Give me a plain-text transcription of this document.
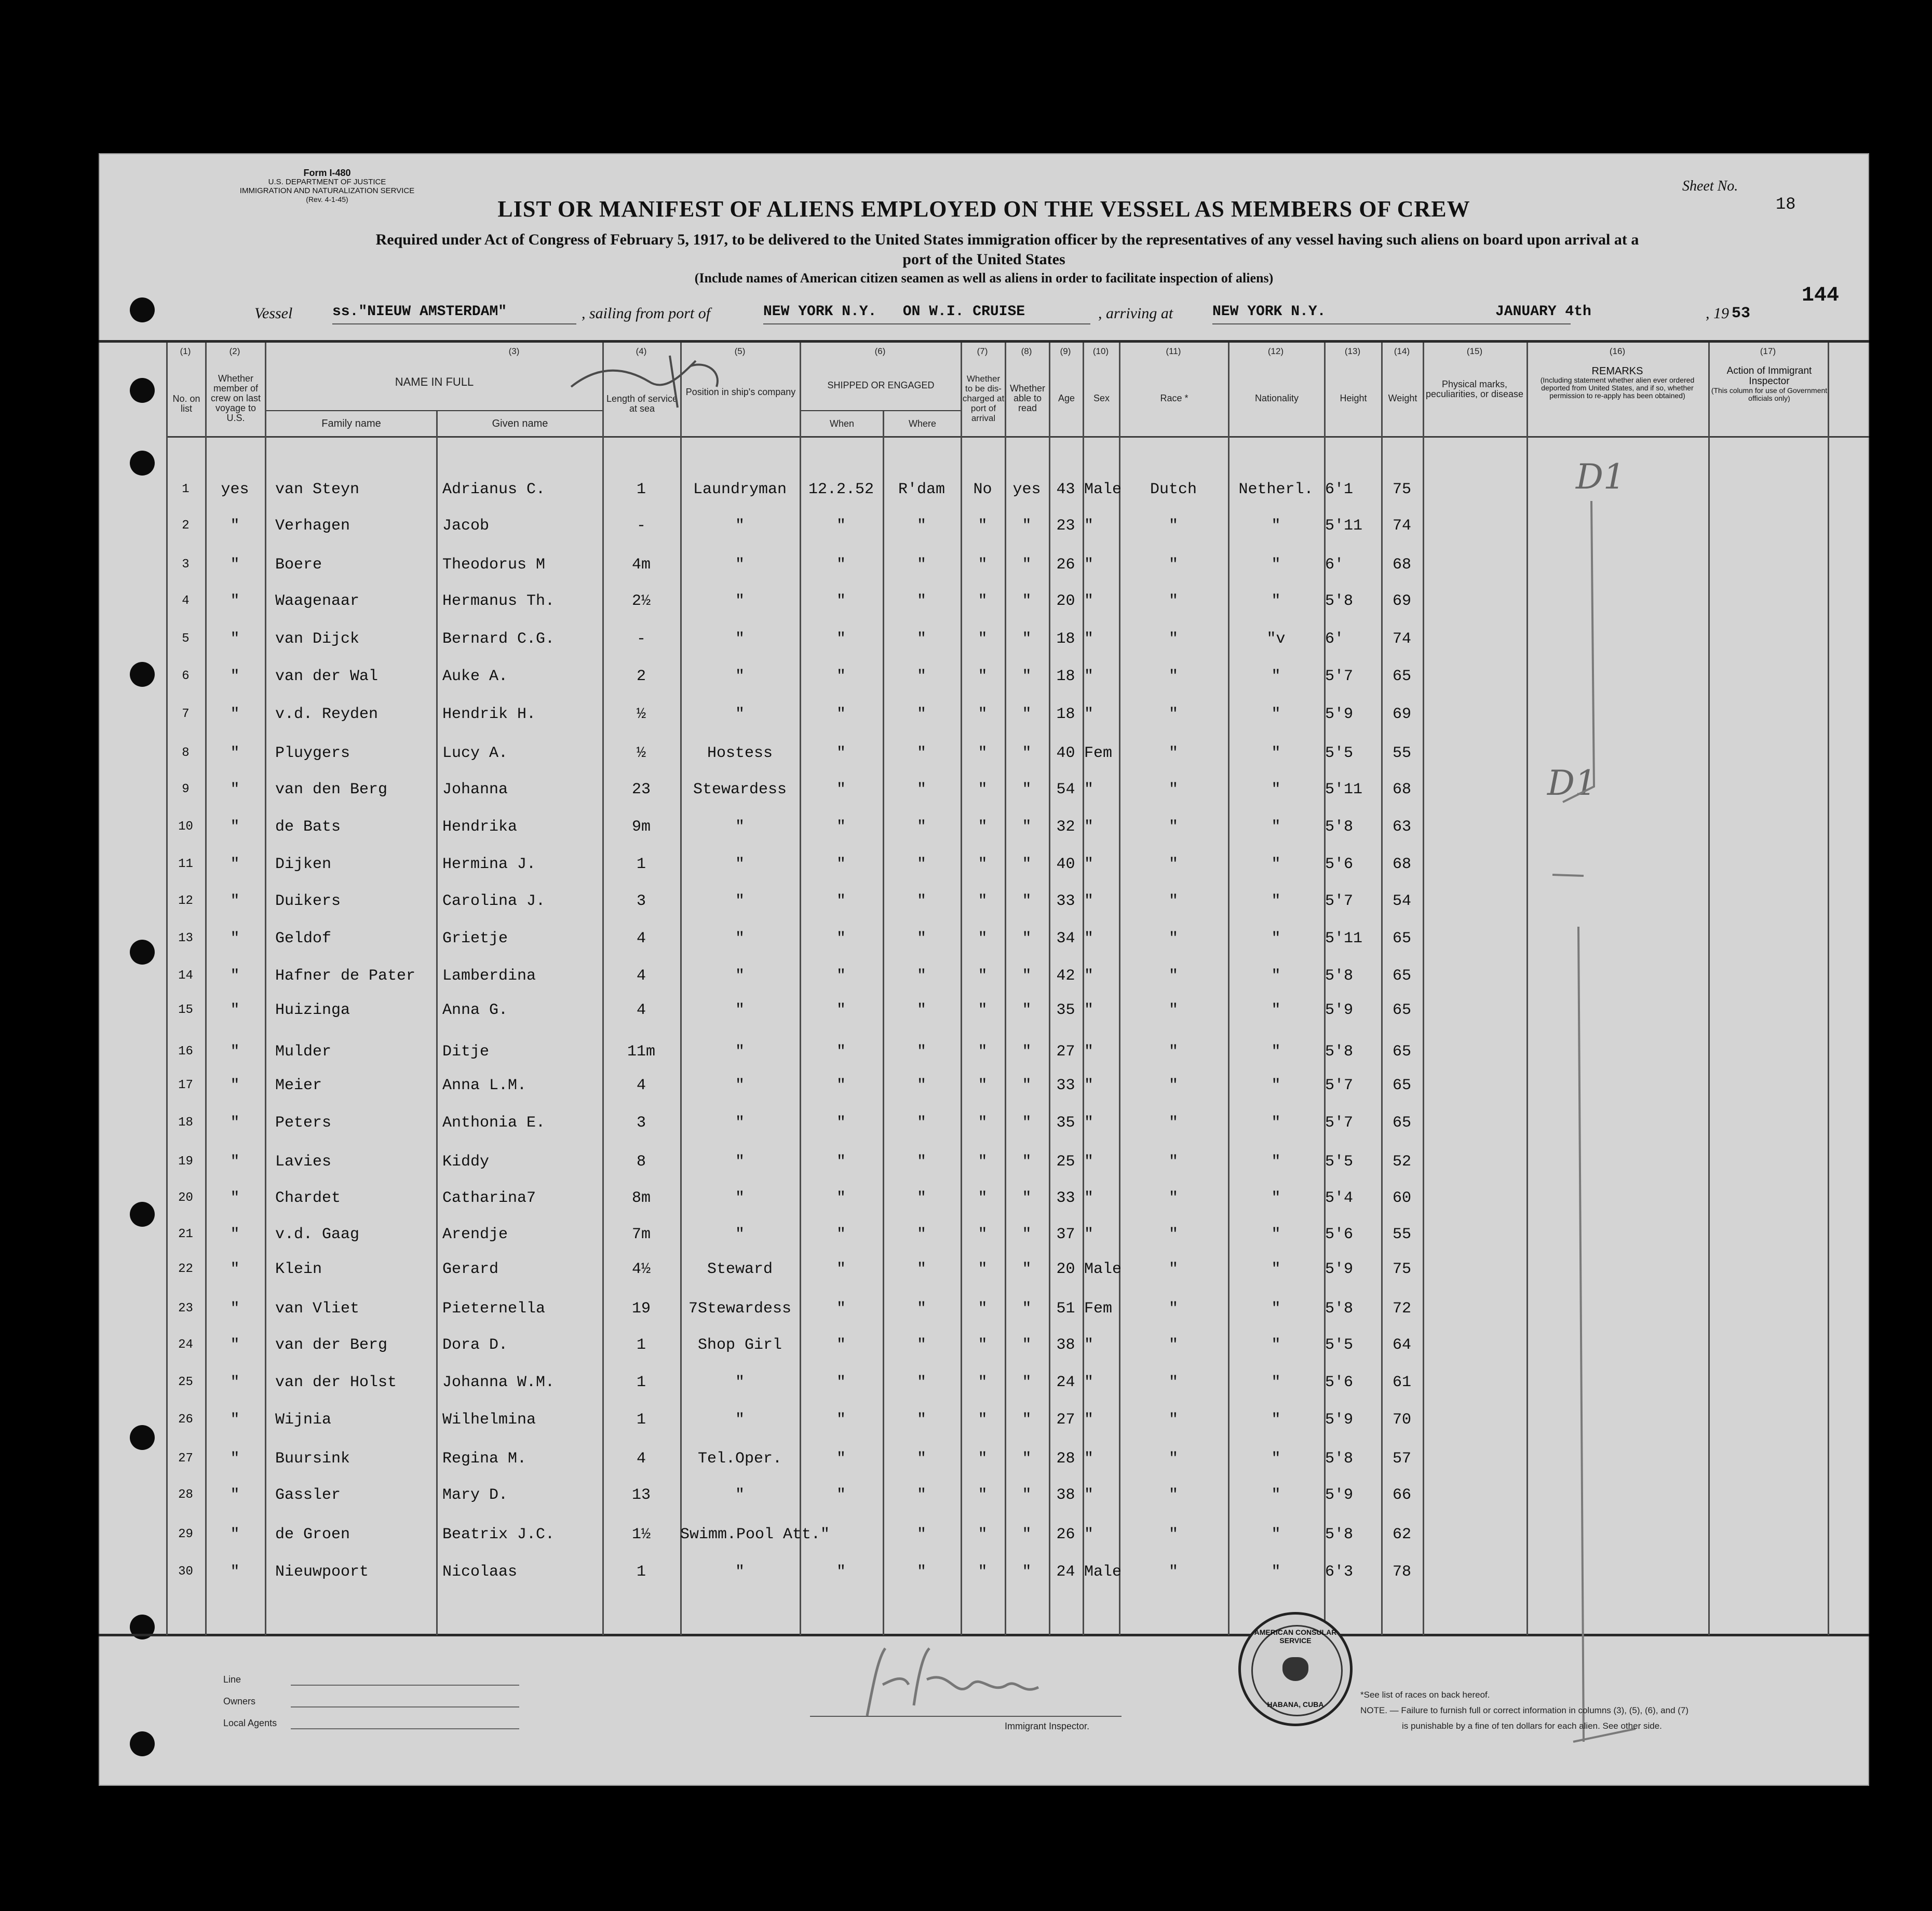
Form I-480
U.S. DEPARTMENT OF JUSTICE
IMMIGRATION AND NATURALIZATION SERVICE
(Rev. 4-1-45)
Sheet No.
18
144
LIST OR MANIFEST OF ALIENS EMPLOYED ON THE VESSEL AS MEMBERS OF CREW
Required under Act of Congress of February 5, 1917, to be delivered to the United States immigration officer by the representatives of any vessel having such aliens on board upon arrival at a
port of the United States
(Include names of American citizen seamen as well as aliens in order to facilitate inspection of aliens)
Vessel	ss."NIEUW AMSTERDAM"	, sailing from port of	NEW YORK N.Y.   ON W.I. CRUISE	, arriving at	NEW YORK N.Y.	JANUARY 4th	, 19 53
(1)	(2)	(3)	(4)	(5)	(6)	(7)	(8)	(9)	(10)	(11)	(12)	(13)	(14)	(15)	(16)	(17)
No. on list
Whether member of crew on last voyage to U.S.
NAME IN FULL
Family name	Given name
Length of service at sea
Position in ship's company
SHIPPED OR ENGAGED
When	Where
Whether to be dis-charged at port of arrival
Whether able to read
Age	Sex	Race *	Nationality	Height	Weight
Physical marks, peculiarities, or disease
REMARKS
(Including statement whether alien ever ordered deported from United States, and if so, whether permission to re-apply has been obtained)
Action of Immigrant Inspector
(This column for use of Government officials only)
1	yes	van Steyn	Adrianus C.	1	Laundryman	12.2.52	R'dam	No	yes 43 Male	Dutch	Netherl. 6'1	75
2	"	Verhagen	Jacob	-	"	"	"	"	"	23 "	"	"	5'11	74
3	"	Boere	Theodorus M	4m	"	"	"	"	"	26 "	"	"	6'	68
4	"	Waagenaar	Hermanus Th.	2½	"	"	"	"	"	20 "	"	"	5'8	69
5	"	van Dijck	Bernard C.G.	-	"	"	"	"	"	18 "	"	"v	6'	74
6	"	van der Wal	Auke A.	2	"	"	"	"	"	18 "	"	"	5'7	65
7	"	v.d. Reyden	Hendrik H.	½	"	"	"	"	"	18 "	"	"	5'9	69
8	"	Pluygers	Lucy A.	½	Hostess	"	"	"	"	40 Fem	"	"	5'5	55
9	"	van den Berg	Johanna	23	Stewardess	"	"	"	"	54 "	"	"	5'11	68
10	"	de Bats	Hendrika	9m	"	"	"	"	"	32 "	"	"	5'8	63
11	"	Dijken	Hermina J.	1	"	"	"	"	"	40 "	"	"	5'6	68
12	"	Duikers	Carolina J.	3	"	"	"	"	"	33 "	"	"	5'7	54
13	"	Geldof	Grietje	4	"	"	"	"	"	34 "	"	"	5'11	65
14	"	Hafner de Pater	Lamberdina	4	"	"	"	"	"	42 "	"	"	5'8	65
15	"	Huizinga	Anna G.	4	"	"	"	"	"	35 "	"	"	5'9	65
16	"	Mulder	Ditje	11m	"	"	"	"	"	27 "	"	"	5'8	65
17	"	Meier	Anna L.M.	4	"	"	"	"	"	33 "	"	"	5'7	65
18	"	Peters	Anthonia E.	3	"	"	"	"	"	35 "	"	"	5'7	65
19	"	Lavies	Kiddy	8	"	"	"	"	"	25 "	"	"	5'5	52
20	"	Chardet	Catharina7	8m	"	"	"	"	"	33 "	"	"	5'4	60
21	"	v.d. Gaag	Arendje	7m	"	"	"	"	"	37 "	"	"	5'6	55
22	"	Klein	Gerard	4½	Steward	"	"	"	"	20 Male	"	"	5'9	75
23	"	van Vliet	Pieternella	19	7Stewardess	"	"	"	"	51 Fem	"	"	5'8	72
24	"	van der Berg	Dora D.	1	Shop Girl	"	"	"	"	38 "	"	"	5'5	64
25	"	van der Holst	Johanna W.M.	1	"	"	"	"	"	24 "	"	"	5'6	61
26	"	Wijnia	Wilhelmina	1	"	"	"	"	"	27 "	"	"	5'9	70
27	"	Buursink	Regina M.	4	Tel.Oper.	"	"	"	"	28 "	"	"	5'8	57
28	"	Gassler	Mary D.	13	"	"	"	"	"	38 "	"	"	5'9	66
29	"	de Groen	Beatrix J.C.	1½	Swimm.Pool Att."	"	"	"	26 "	"	"	5'8	62
30	"	Nieuwpoort	Nicolaas	1	"	"	"	"	"	24 Male	"	"	6'3	78
D1
D1
Line
Owners
Local Agents	Immigrant Inspector.
AMERICAN CONSULAR SERVICE
HABANA, CUBA
*See list of races on back hereof.
NOTE. — Failure to furnish full or correct information in columns (3), (5), (6), and (7)
is punishable by a fine of ten dollars for each alien. See other side.
